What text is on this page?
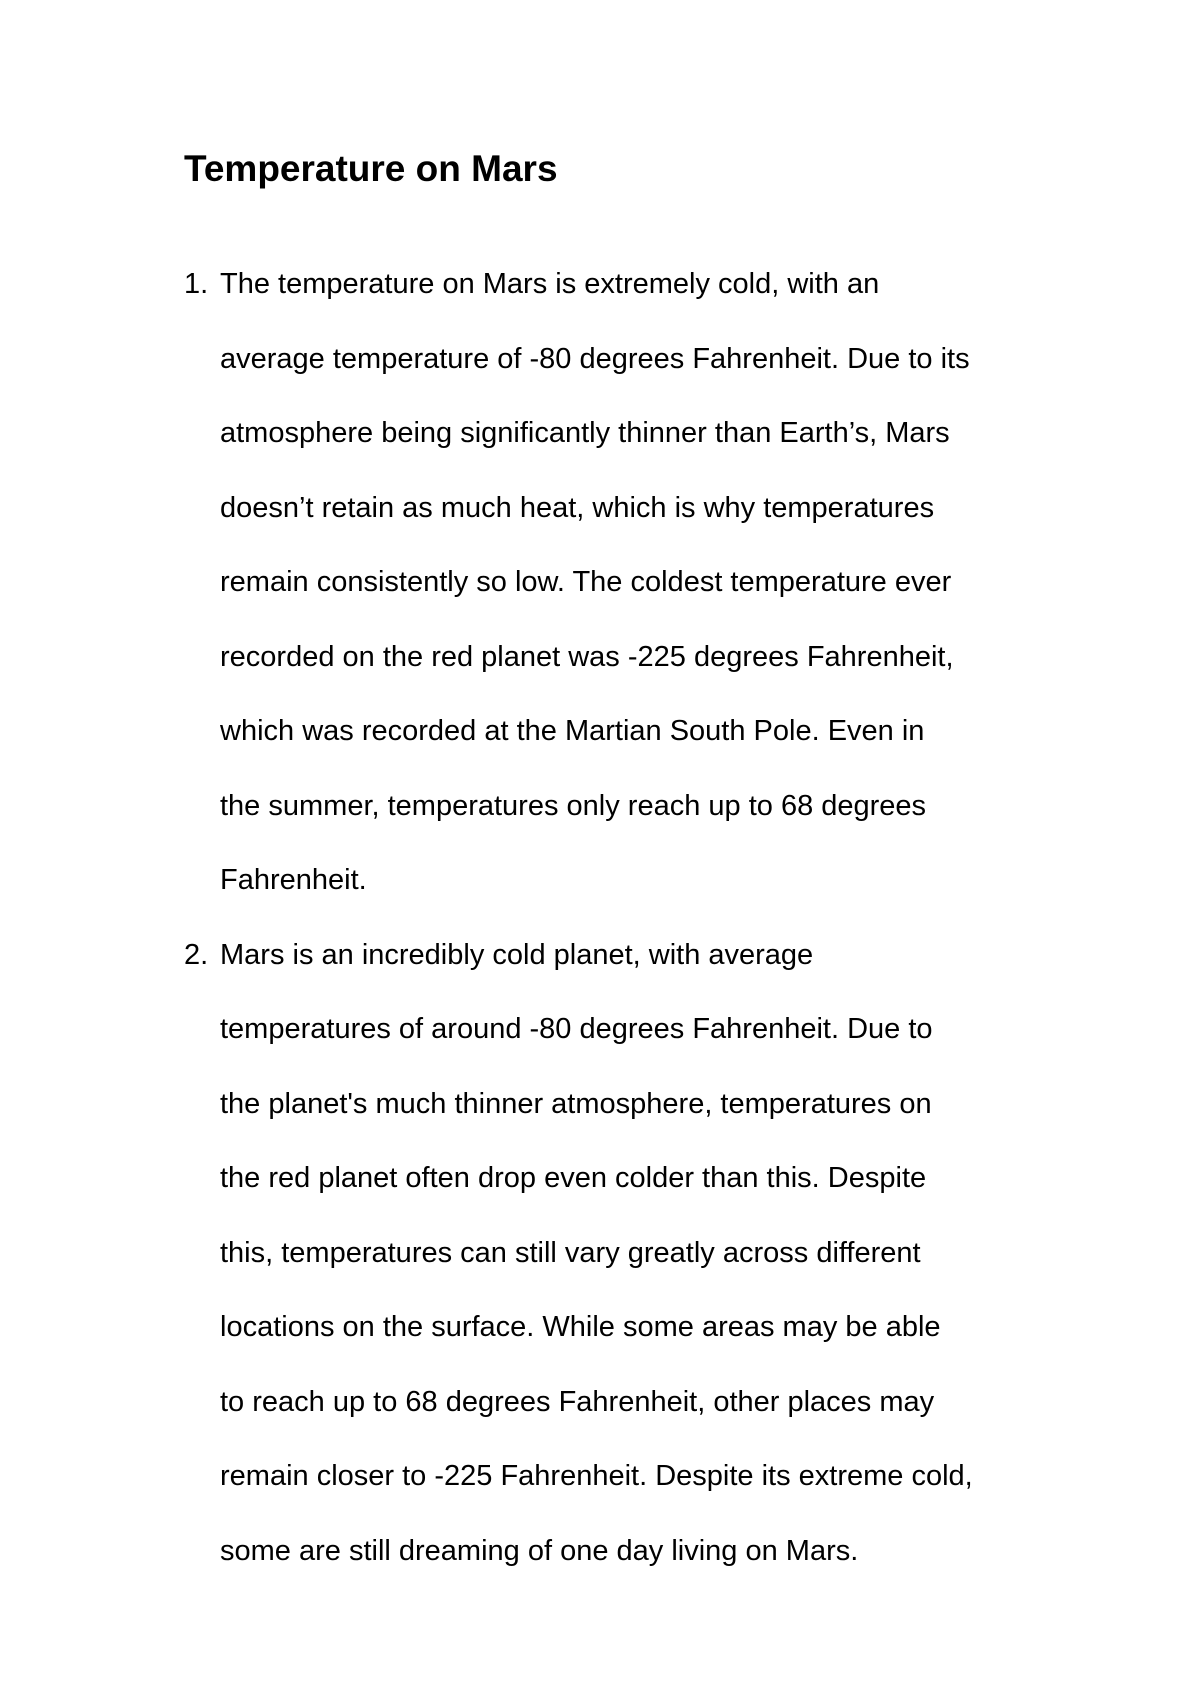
Temperature on Mars
1. The temperature on Mars is extremely cold, with an
average temperature of -80 degrees Fahrenheit. Due to its
atmosphere being significantly thinner than Earth’s, Mars
doesn’t retain as much heat, which is why temperatures
remain consistently so low. The coldest temperature ever
recorded on the red planet was -225 degrees Fahrenheit,
which was recorded at the Martian South Pole. Even in
the summer, temperatures only reach up to 68 degrees
Fahrenheit.
2. Mars is an incredibly cold planet, with average
temperatures of around -80 degrees Fahrenheit. Due to
the planet's much thinner atmosphere, temperatures on
the red planet often drop even colder than this. Despite
this, temperatures can still vary greatly across different
locations on the surface. While some areas may be able
to reach up to 68 degrees Fahrenheit, other places may
remain closer to -225 Fahrenheit. Despite its extreme cold,
some are still dreaming of one day living on Mars.
